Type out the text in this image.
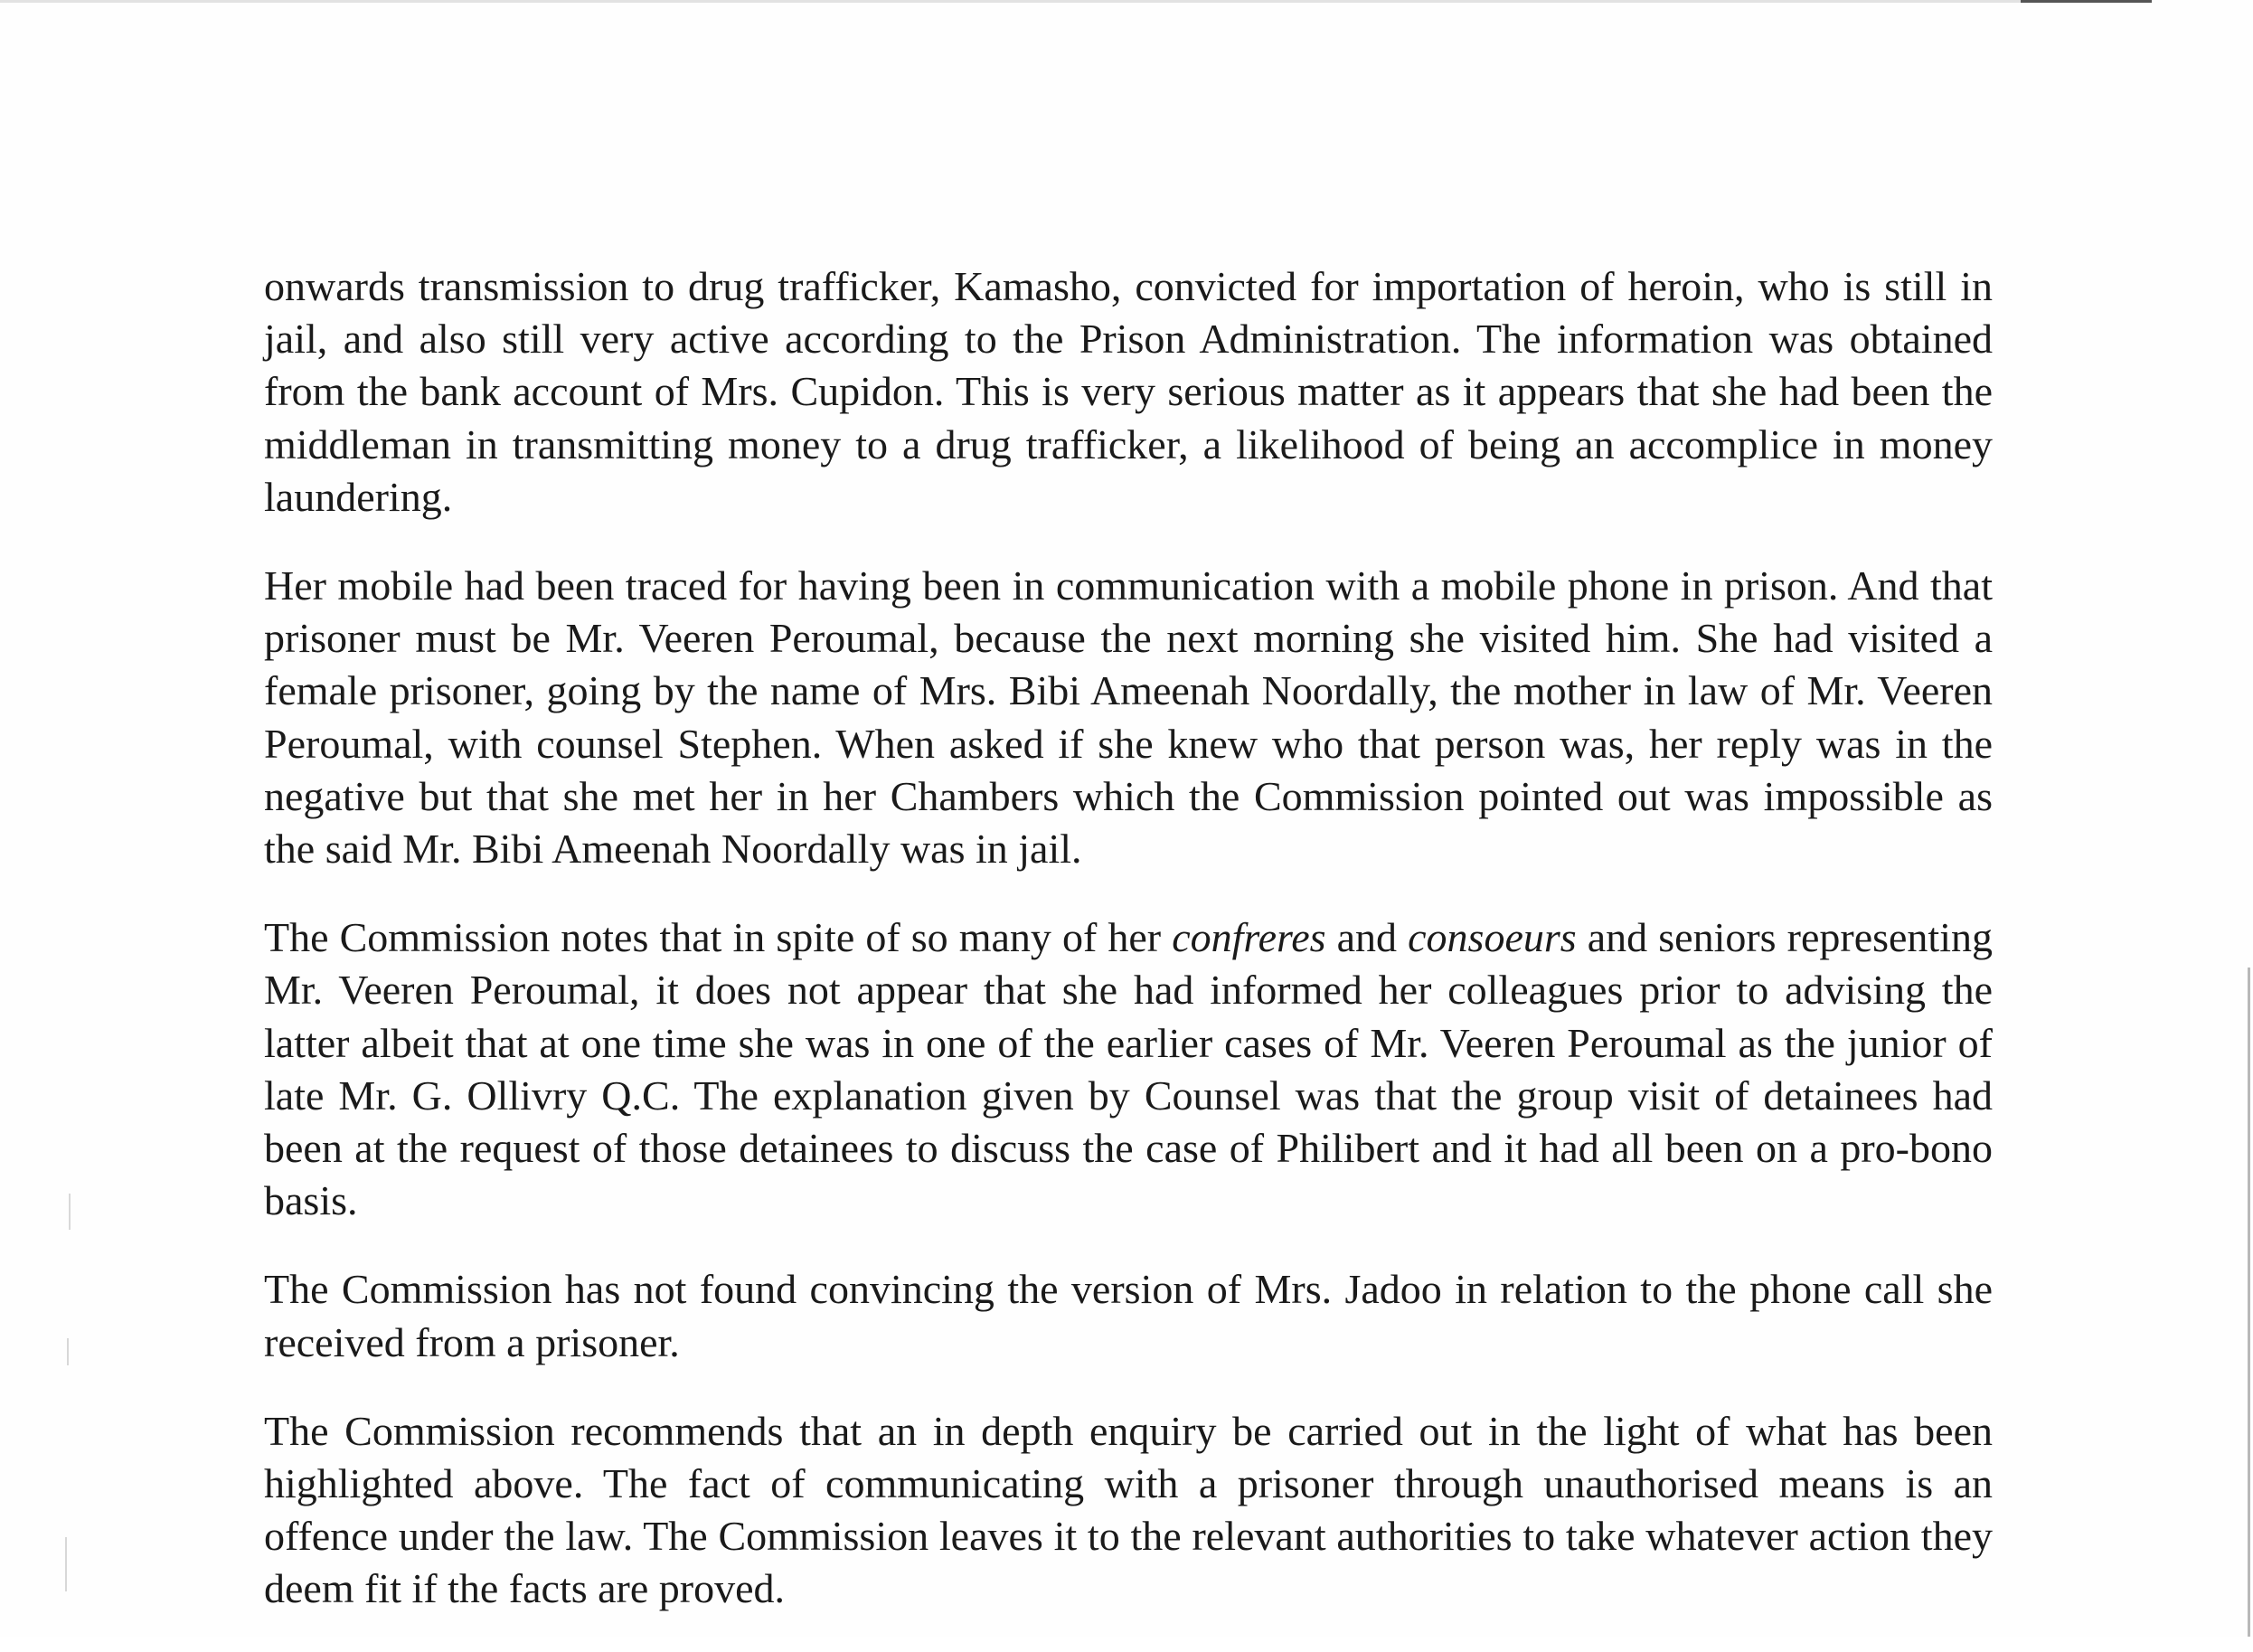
onwards transmission to drug trafficker, Kamasho, convicted for importation of heroin, who is still in jail, and also still very active according to the Prison Administration. The information was obtained from the bank account of Mrs. Cupidon. This is very serious matter as it appears that she had been the middleman in transmitting money to a drug trafficker, a likelihood of being an accomplice in money laundering.

Her mobile had been traced for having been in communication with a mobile phone in prison. And that prisoner must be Mr. Veeren Peroumal, because the next morning she visited him. She had visited a female prisoner, going by the name of Mrs. Bibi Ameenah Noordally, the mother in law of Mr. Veeren Peroumal, with counsel Stephen. When asked if she knew who that person was, her reply was in the negative but that she met her in her Chambers which the Commission pointed out was impossible as the said Mr. Bibi Ameenah Noordally was in jail.

The Commission notes that in spite of so many of her confreres and consoeurs and seniors representing Mr. Veeren Peroumal, it does not appear that she had informed her colleagues prior to advising the latter albeit that at one time she was in one of the earlier cases of Mr. Veeren Peroumal as the junior of late Mr. G. Ollivry Q.C. The explanation given by Counsel was that the group visit of detainees had been at the request of those detainees to discuss the case of Philibert and it had all been on a pro-bono basis.

The Commission has not found convincing the version of Mrs. Jadoo in relation to the phone call she received from a prisoner.

The Commission recommends that an in depth enquiry be carried out in the light of what has been highlighted above. The fact of communicating with a prisoner through unauthorised means is an offence under the law. The Commission leaves it to the relevant authorities to take whatever action they deem fit if the facts are proved.
